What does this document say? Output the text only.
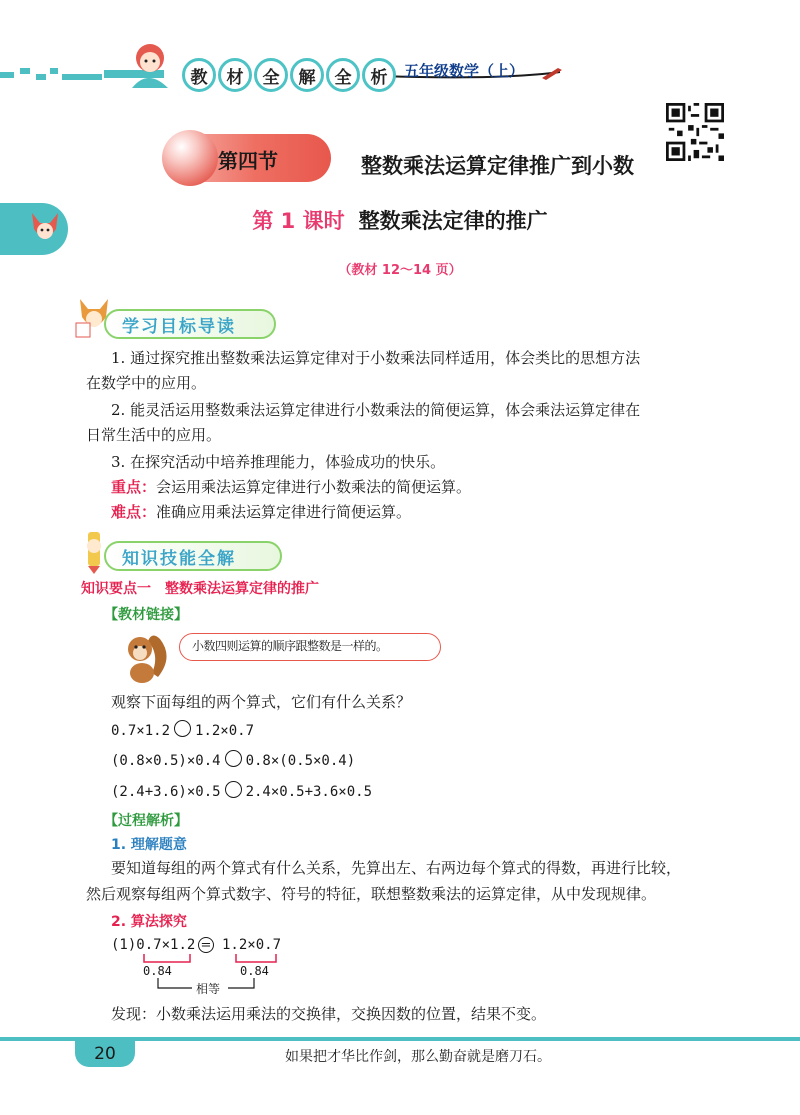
教	材	全	解	全	析	五年级数学（上）
第四节	整数乘法运算定律推广到小数
第 1 课时 整数乘法定律的推广
（教材 12～14 页）
学习目标导读
1. 通过探究推出整数乘法运算定律对于小数乘法同样适用，体会类比的思想方法
在数学中的应用。
2. 能灵活运用整数乘法运算定律进行小数乘法的简便运算，体会乘法运算定律在
日常生活中的应用。
3. 在探究活动中培养推理能力，体验成功的快乐。
重点：会运用乘法运算定律进行小数乘法的简便运算。
难点：准确应用乘法运算定律进行简便运算。
知识技能全解
知识要点一　整数乘法运算定律的推广
【教材链接】
小数四则运算的顺序跟整数是一样的。
观察下面每组的两个算式，它们有什么关系？
0.7×1.2 1.2×0.7
(0.8×0.5)×0.4 0.8×(0.5×0.4)
(2.4+3.6)×0.5 2.4×0.5+3.6×0.5
【过程解析】
1. 理解题意
要知道每组的两个算式有什么关系，先算出左、右两边每个算式的得数，再进行比较，
然后观察每组两个算式数字、符号的特征，联想整数乘法的运算定律，从中发现规律。
2. 算法探究
(1)0.7×1.2 = 1.2×0.7
0.84	0.84
相等
发现：小数乘法运用乘法的交换律，交换因数的位置，结果不变。
20	如果把才华比作剑，那么勤奋就是磨刀石。
